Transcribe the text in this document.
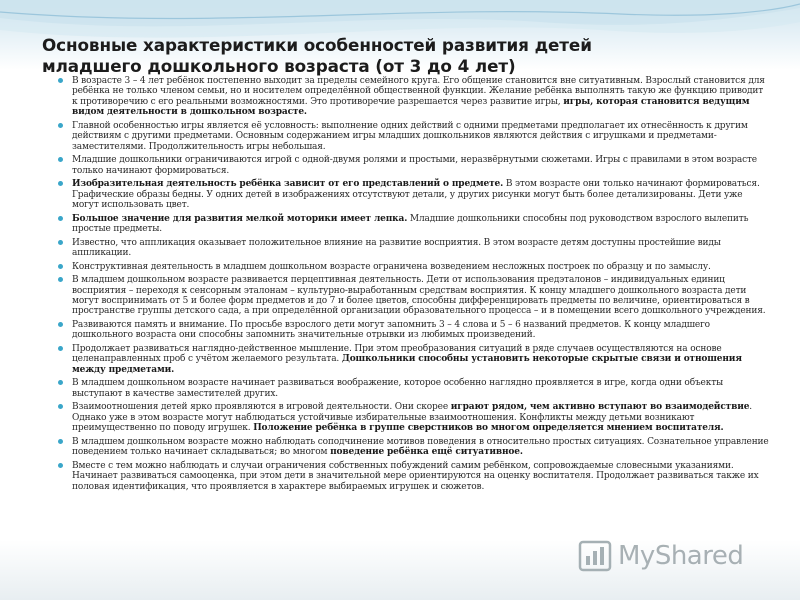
Основные характеристики особенностей развития детей младшего дошкольного возраста (от 3 до 4 лет)
В возрасте 3 – 4 лет ребёнок постепенно выходит за пределы семейного круга. Его общение становится вне ситуативным. Взрослый становится для ребёнка не только членом семьи, но и носителем определённой общественной функции. Желание ребёнка выполнять такую же функцию приводит к противоречию с его реальными возможностями. Это противоречие разрешается через развитие игры, игры, которая становится ведущим видом деятельности в дошкольном возрасте.
Главной особенностью игры является её условность: выполнение одних действий с одними предметами предполагает их отнесённость к другим действиям с другими предметами. Основным содержанием игры младших дошкольников являются действия с игрушками и предметами-заместителями. Продолжительность игры небольшая.
Младшие дошкольники ограничиваются игрой с одной-двумя ролями и простыми, неразвёрнутыми сюжетами. Игры с правилами в этом возрасте только начинают формироваться.
Изобразительная деятельность ребёнка зависит от его представлений о предмете. В этом возрасте они только начинают формироваться. Графические образы бедны. У одних детей в изображениях отсутствуют детали, у других рисунки могут быть более детализированы. Дети уже могут использовать цвет.
Большое значение для развития мелкой моторики имеет лепка. Младшие дошкольники способны под руководством взрослого вылепить простые предметы.
Известно, что аппликация оказывает положительное влияние на развитие восприятия. В этом возрасте детям доступны простейшие виды аппликации.
Конструктивная деятельность в младшем дошкольном возрасте ограничена возведением несложных построек по образцу и по замыслу.
В младшем дошкольном возрасте развивается перцептивная деятельность. Дети от использования предэталонов – индивидуальных единиц восприятия – переходя к сенсорным эталонам – культурно-выработанным средствам восприятия. К концу младшего дошкольного возраста дети могут воспринимать от 5 и более форм предметов и до 7 и более цветов, способны дифференцировать предметы по величине, ориентироваться в пространстве группы детского сада, а при определённой организации образовательного процесса – и в помещении всего дошкольного учреждения.
Развиваются память и внимание. По просьбе взрослого дети могут запомнить 3 – 4 слова и 5 – 6 названий предметов. К концу младшего дошкольного возраста они способны запомнить значительные отрывки из любимых произведений.
Продолжает развиваться наглядно-действенное мышление. При этом преобразования ситуаций в ряде случаев осуществляются на основе целенаправленных проб с учётом желаемого результата. Дошкольники способны установить некоторые скрытые связи и отношения между предметами.
В младшем дошкольном возрасте начинает развиваться воображение, которое особенно наглядно проявляется в игре, когда одни объекты выступают в качестве заместителей других.
Взаимоотношения детей ярко проявляются в игровой деятельности. Они скорее играют рядом, чем активно вступают во взаимодействие. Однако уже в этом возрасте могут наблюдаться устойчивые избирательные взаимоотношения. Конфликты между детьми возникают преимущественно по поводу игрушек. Положение ребёнка в группе сверстников во многом определяется мнением воспитателя.
В младшем дошкольном возрасте можно наблюдать соподчинение мотивов поведения в относительно простых ситуациях. Сознательное управление поведением только начинает складываться; во многом поведение ребёнка ещё ситуативное.
Вместе с тем можно наблюдать и случаи ограничения собственных побуждений самим ребёнком, сопровождаемые словесными указаниями. Начинает развиваться самооценка, при этом дети в значительной мере ориентируются на оценку воспитателя. Продолжает развиваться также их половая идентификация, что проявляется в характере выбираемых игрушек и сюжетов.
MyShared
